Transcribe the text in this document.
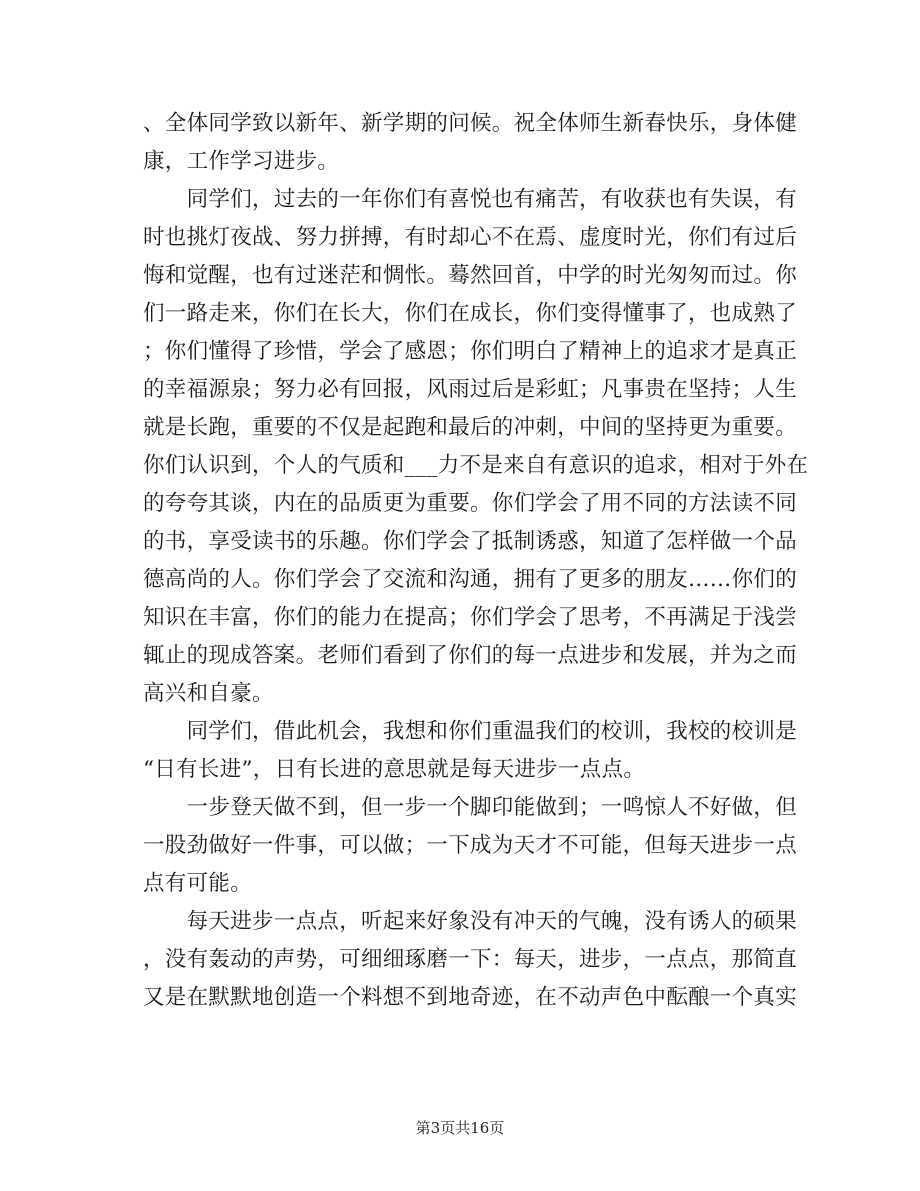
、全体同学致以新年、新学期的问候。祝全体师生新春快乐，身体健
康，工作学习进步。
　　同学们，过去的一年你们有喜悦也有痛苦，有收获也有失误，有
时也挑灯夜战、努力拼搏，有时却心不在焉、虚度时光，你们有过后
悔和觉醒，也有过迷茫和惆怅。蓦然回首，中学的时光匆匆而过。你
们一路走来，你们在长大，你们在成长，你们变得懂事了，也成熟了
；你们懂得了珍惜，学会了感恩；你们明白了精神上的追求才是真正
的幸福源泉；努力必有回报，风雨过后是彩虹；凡事贵在坚持；人生
就是长跑，重要的不仅是起跑和最后的冲刺，中间的坚持更为重要。
你们认识到，个人的气质和___力不是来自有意识的追求，相对于外在
的夸夸其谈，内在的品质更为重要。你们学会了用不同的方法读不同
的书，享受读书的乐趣。你们学会了抵制诱惑，知道了怎样做一个品
德高尚的人。你们学会了交流和沟通，拥有了更多的朋友……你们的
知识在丰富，你们的能力在提高；你们学会了思考，不再满足于浅尝
辄止的现成答案。老师们看到了你们的每一点进步和发展，并为之而
高兴和自豪。
　　同学们，借此机会，我想和你们重温我们的校训，我校的校训是
“日有长进”，日有长进的意思就是每天进步一点点。
　　一步登天做不到，但一步一个脚印能做到；一鸣惊人不好做，但
一股劲做好一件事，可以做；一下成为天才不可能，但每天进步一点
点有可能。
　　每天进步一点点，听起来好象没有冲天的气魄，没有诱人的硕果
，没有轰动的声势，可细细琢磨一下：每天，进步，一点点，那简直
又是在默默地创造一个料想不到地奇迹，在不动声色中酝酿一个真实
第3页共16页
